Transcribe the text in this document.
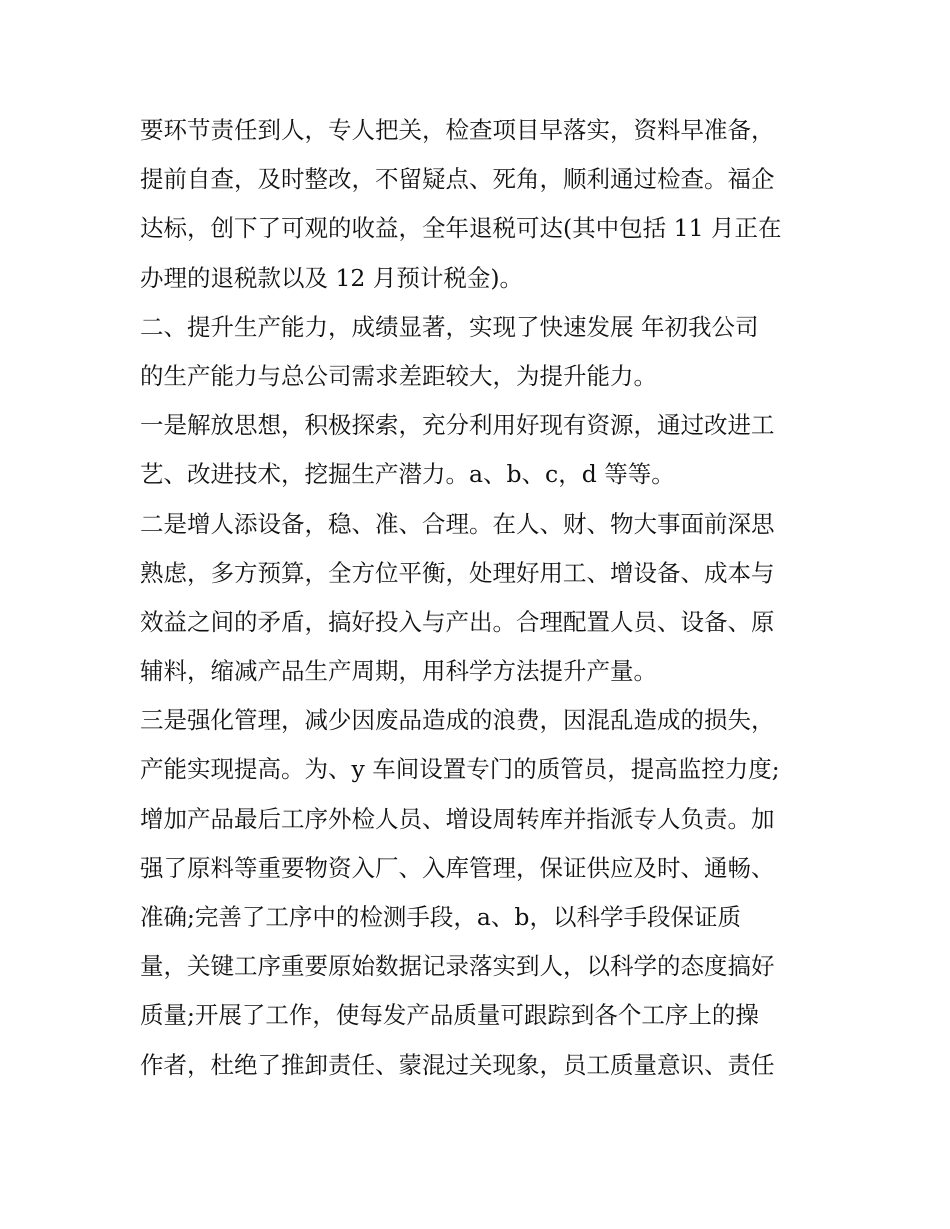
要环节责任到人，专人把关，检查项目早落实，资料早准备，
提前自查，及时整改，不留疑点、死角，顺利通过检查。福企
达标，创下了可观的收益，全年退税可达(其中包括 11 月正在
办理的退税款以及 12 月预计税金)。
二、提升生产能力，成绩显著，实现了快速发展 年初我公司
的生产能力与总公司需求差距较大，为提升能力。
一是解放思想，积极探索，充分利用好现有资源，通过改进工
艺、改进技术，挖掘生产潜力。a、b、c，d 等等。
二是增人添设备，稳、准、合理。在人、财、物大事面前深思
熟虑，多方预算，全方位平衡，处理好用工、增设备、成本与
效益之间的矛盾，搞好投入与产出。合理配置人员、设备、原
辅料，缩减产品生产周期，用科学方法提升产量。
三是强化管理，减少因废品造成的浪费，因混乱造成的损失，
产能实现提高。为、y 车间设置专门的质管员，提高监控力度;
增加产品最后工序外检人员、增设周转库并指派专人负责。加
强了原料等重要物资入厂、入库管理，保证供应及时、通畅、
准确;完善了工序中的检测手段，a、b，以科学手段保证质
量，关键工序重要原始数据记录落实到人，以科学的态度搞好
质量;开展了工作，使每发产品质量可跟踪到各个工序上的操
作者，杜绝了推卸责任、蒙混过关现象，员工质量意识、责任
